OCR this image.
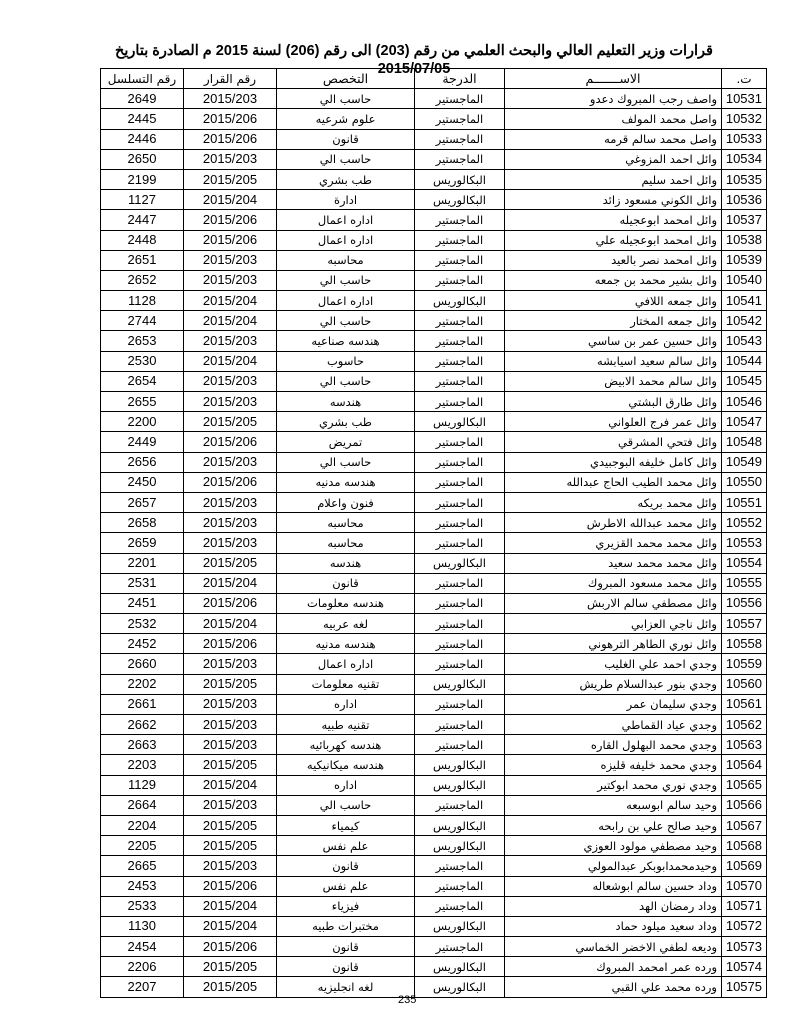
قرارات وزير التعليم العالي والبحث العلمي من رقم (203) الى رقم (206) لسنة 2015 م الصادرة بتاريخ 2015/07/05
ت.	الاســـــــم	الدرجة	التخصص	رقم القرار	رقم التسلسل
10531	واصف رجب المبروك دعدو	الماجستير	حاسب الي	2015/203	2649
10532	واصل محمد المولف	الماجستير	علوم شرعيه	2015/206	2445
10533	واصل محمد سالم قرمه	الماجستير	قانون	2015/206	2446
10534	وائل احمد المزوغي	الماجستير	حاسب الي	2015/203	2650
10535	وائل احمد سليم	البكالوريس	طب بشري	2015/205	2199
10536	وائل الكوني مسعود زائد	البكالوريس	ادارة	2015/204	1127
10537	وائل امحمد ابوعجيله	الماجستير	اداره اعمال	2015/206	2447
10538	وائل امحمد ابوعجيله علي	الماجستير	اداره اعمال	2015/206	2448
10539	وائل امحمد نصر بالعيد	الماجستير	محاسبه	2015/203	2651
10540	وائل بشير محمد بن جمعه	الماجستير	حاسب الي	2015/203	2652
10541	وائل جمعه اللافي	البكالوريس	اداره اعمال	2015/204	1128
10542	وائل جمعه المختار	الماجستير	حاسب الي	2015/204	2744
10543	وائل حسين عمر بن ساسي	الماجستير	هندسه صناعيه	2015/203	2653
10544	وائل سالم سعيد اسيابشه	الماجستير	حاسوب	2015/204	2530
10545	وائل سالم محمد الابيض	الماجستير	حاسب الي	2015/203	2654
10546	وائل طارق البشتي	الماجستير	هندسه	2015/203	2655
10547	وائل عمر فرج العلواني	البكالوريس	طب بشري	2015/205	2200
10548	وائل فتحي المشرقي	الماجستير	تمريض	2015/206	2449
10549	وائل كامل خليفه البوجبيدي	الماجستير	حاسب الي	2015/203	2656
10550	وائل محمد الطيب الحاج عبدالله	الماجستير	هندسه مدنيه	2015/206	2450
10551	وائل محمد بريكه	الماجستير	فنون واعلام	2015/203	2657
10552	وائل محمد عبدالله الاطرش	الماجستير	محاسبه	2015/203	2658
10553	وائل محمد محمد القزيري	الماجستير	محاسبه	2015/203	2659
10554	وائل محمد محمد سعيد	البكالوريس	هندسه	2015/205	2201
10555	وائل محمد مسعود المبروك	الماجستير	قانون	2015/204	2531
10556	وائل مصطفي سالم الاربش	الماجستير	هندسه معلومات	2015/206	2451
10557	وائل ناجي العزابي	الماجستير	لغه عربيه	2015/204	2532
10558	وائل نوري الطاهر الترهوني	الماجستير	هندسه مدنيه	2015/206	2452
10559	وجدي احمد علي الغليب	الماجستير	اداره اعمال	2015/203	2660
10560	وجدي بنور عبدالسلام طريش	البكالوريس	تقنيه معلومات	2015/205	2202
10561	وجدي سليمان عمر	الماجستير	اداره	2015/203	2661
10562	وجدي عياد القماطي	الماجستير	تقنيه طبيه	2015/203	2662
10563	وجدي محمد البهلول القاره	الماجستير	هندسه كهربائيه	2015/203	2663
10564	وجدي محمد خليفه قليزه	البكالوريس	هندسه ميكانيكيه	2015/205	2203
10565	وجدي نوري محمد ابوكتير	البكالوريس	اداره	2015/204	1129
10566	وحيد سالم ابوسبعه	الماجستير	حاسب الي	2015/203	2664
10567	وحيد صالح علي بن رابحه	البكالوريس	كيمياء	2015/205	2204
10568	وحيد مصطفي مولود العوزي	البكالوريس	علم نفس	2015/205	2205
10569	وحيدمحمدابوبكر عبدالمولي	الماجستير	قانون	2015/203	2665
10570	وداد حسين سالم ابوشعاله	الماجستير	علم نفس	2015/206	2453
10571	وداد رمضان الهد	الماجستير	فيزياء	2015/204	2533
10572	وداد سعيد ميلود حماد	البكالوريس	مختبرات طبيه	2015/204	1130
10573	وديعه لطفي الاخضر الخماسي	الماجستير	قانون	2015/206	2454
10574	ورده عمر امحمد المبروك	البكالوريس	قانون	2015/205	2206
10575	ورده محمد علي القبي	البكالوريس	لغه انجليزيه	2015/205	2207
235
